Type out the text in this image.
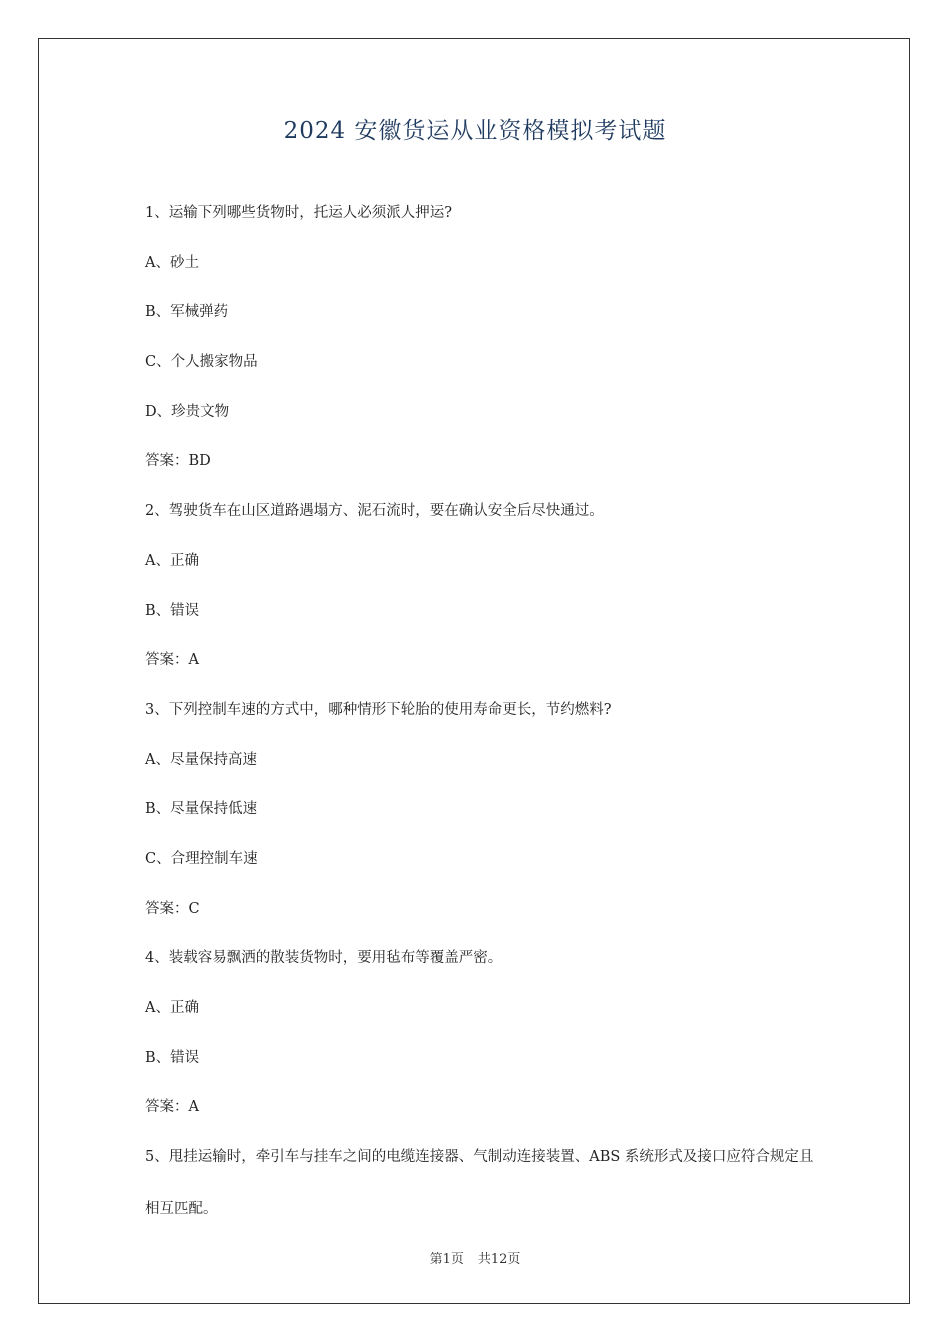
2024 安徽货运从业资格模拟考试题
1、运输下列哪些货物时，托运人必须派人押运?
A、砂土
B、军械弹药
C、个人搬家物品
D、珍贵文物
答案：BD
2、驾驶货车在山区道路遇塌方、泥石流时，要在确认安全后尽快通过。
A、正确
B、错误
答案：A
3、下列控制车速的方式中，哪种情形下轮胎的使用寿命更长，节约燃料?
A、尽量保持高速
B、尽量保持低速
C、合理控制车速
答案：C
4、装载容易飘洒的散装货物时，要用毡布等覆盖严密。
A、正确
B、错误
答案：A
5、甩挂运输时，牵引车与挂车之间的电缆连接器、气制动连接装置、ABS 系统形式及接口应符合规定且相互匹配。
第1页 共12页
